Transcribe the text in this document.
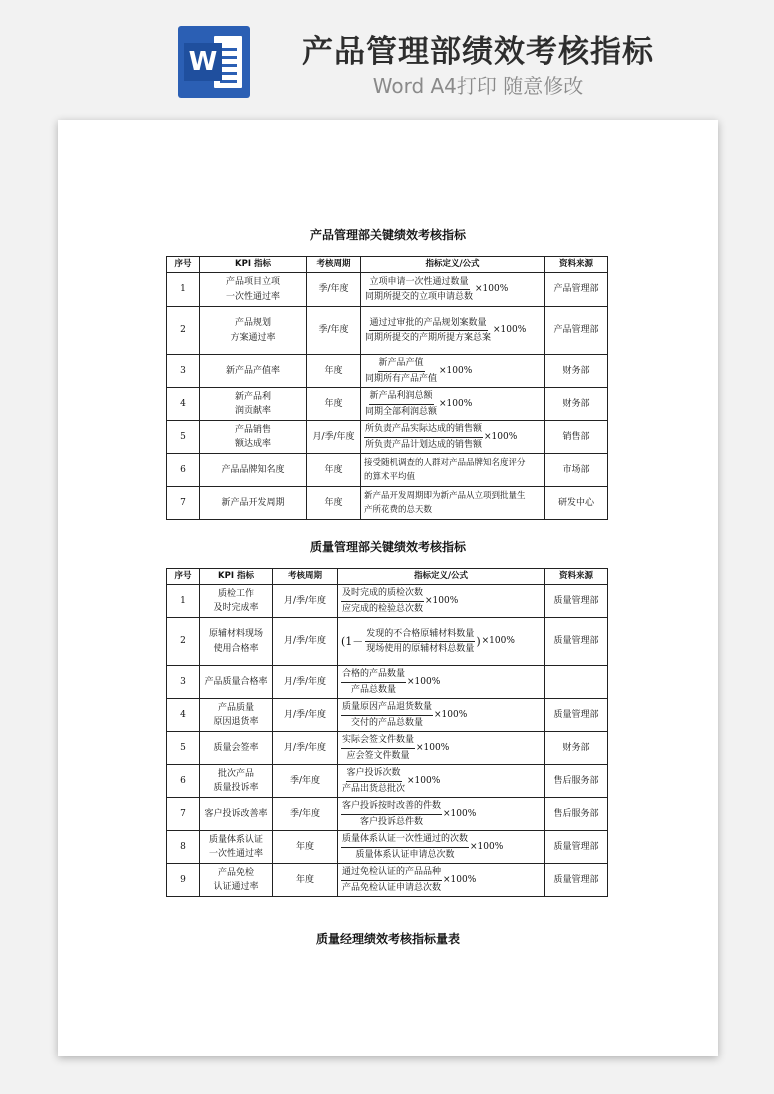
W	产品管理部绩效考核指标
Word A4打印 随意修改
产品管理部关键绩效考核指标
序号	KPI 指标	考核周期	指标定义/公式	资料来源
1	产品项目立项
一次性通过率	季/年度	$\frac{\text{立项申请一次性通过数量}}{\text{同期所提交的立项申请总数}} \times 100\%$	产品管理部
2	产品规划
方案通过率	季/年度	$\frac{\text{通过过审批的产品规划案数量}}{\text{同期所提交的产期所提方案总案}} \times 100\%$	产品管理部
3	新产品产值率	年度	$\frac{\text{新产品产值}}{\text{同期所有产品产值}} \times 100\%$	财务部
4	新产品利
润贡献率	年度	$\frac{\text{新产品利润总额}}{\text{同期全部利润总额}} \times 100\%$	财务部
5	产品销售
额达成率	月/季/年度	$\frac{\text{所负责产品实际达成的销售额}}{\text{所负责产品计划达成的销售额}} \times 100\%$	销售部
6	产品品牌知名度	年度	接受随机调查的人群对产品品牌知名度评分
的算术平均值	市场部
7	新产品开发周期	年度	新产品开发周期即为新产品从立项到批量生
产所花费的总天数	研发中心
质量管理部关键绩效考核指标
序号	KPI 指标	考核周期	指标定义/公式	资料来源
1	质检工作
及时完成率	月/季/年度	$\frac{\text{及时完成的质检次数}}{\text{应完成的检验总次数}} \times 100\%$	质量管理部
2	原辅材料现场
使用合格率	月/季/年度	($1- \frac{\text{发现的不合格原辅材料数量}}{\text{现场使用的原辅材料总数量}}$ ) ×100%	质量管理部
3	产品质量合格率	月/季/年度	$\frac{\text{合格的产品数量}}{\text{产品总数量}} \times 100\%$	

4	产品质量
原因退货率	月/季/年度	$\frac{\text{质量原因产品退货数量}}{\text{交付的产品总数量}} \times 100\%$	质量管理部
5	质量会签率	月/季/年度	$\frac{\text{实际会签文件数量}}{\text{应会签文件数量}} \times 100\%$	财务部
6	批次产品
质量投诉率	季/年度	$\frac{\text{客户投诉次数}}{\text{产品出货总批次}} \times 100\%$	售后服务部
7	客户投诉改善率	季/年度	$\frac{\text{客户投诉按时改善的件数}}{\text{客户投诉总件数}} \times 100\%$	售后服务部
8	质量体系认证
一次性通过率	年度	$\frac{\text{质量体系认证一次性通过的次数}}{\text{质量体系认证申请总次数}} \times 100\%$	质量管理部
9	产品免检
认证通过率	年度	$\frac{\text{通过免检认证的产品品种}}{\text{产品免检认证申请总次数}} \times 100\%$	质量管理部
质量经理绩效考核指标量表
